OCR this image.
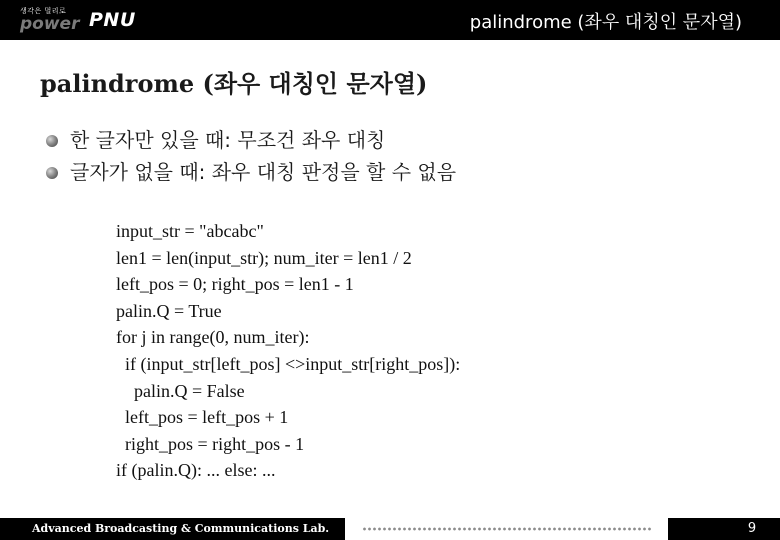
생각은 멀리로
power PNU	palindrome (좌우 대칭인 문자열)
palindrome (좌우 대칭인 문자열)
한 글자만 있을 때: 무조건 좌우 대칭
글자가 없을 때: 좌우 대칭 판정을 할 수 없음
input_str = "abcabc"
len1 = len(input_str); num_iter = len1 / 2
left_pos = 0; right_pos = len1 - 1
palin.Q = True
for j in range(0, num_iter):
if (input_str[left_pos] <>input_str[right_pos]):
palin.Q = False
left_pos = left_pos + 1
right_pos = right_pos - 1
if (palin.Q): ... else: ...
Advanced Broadcasting & Communications Lab.	9
